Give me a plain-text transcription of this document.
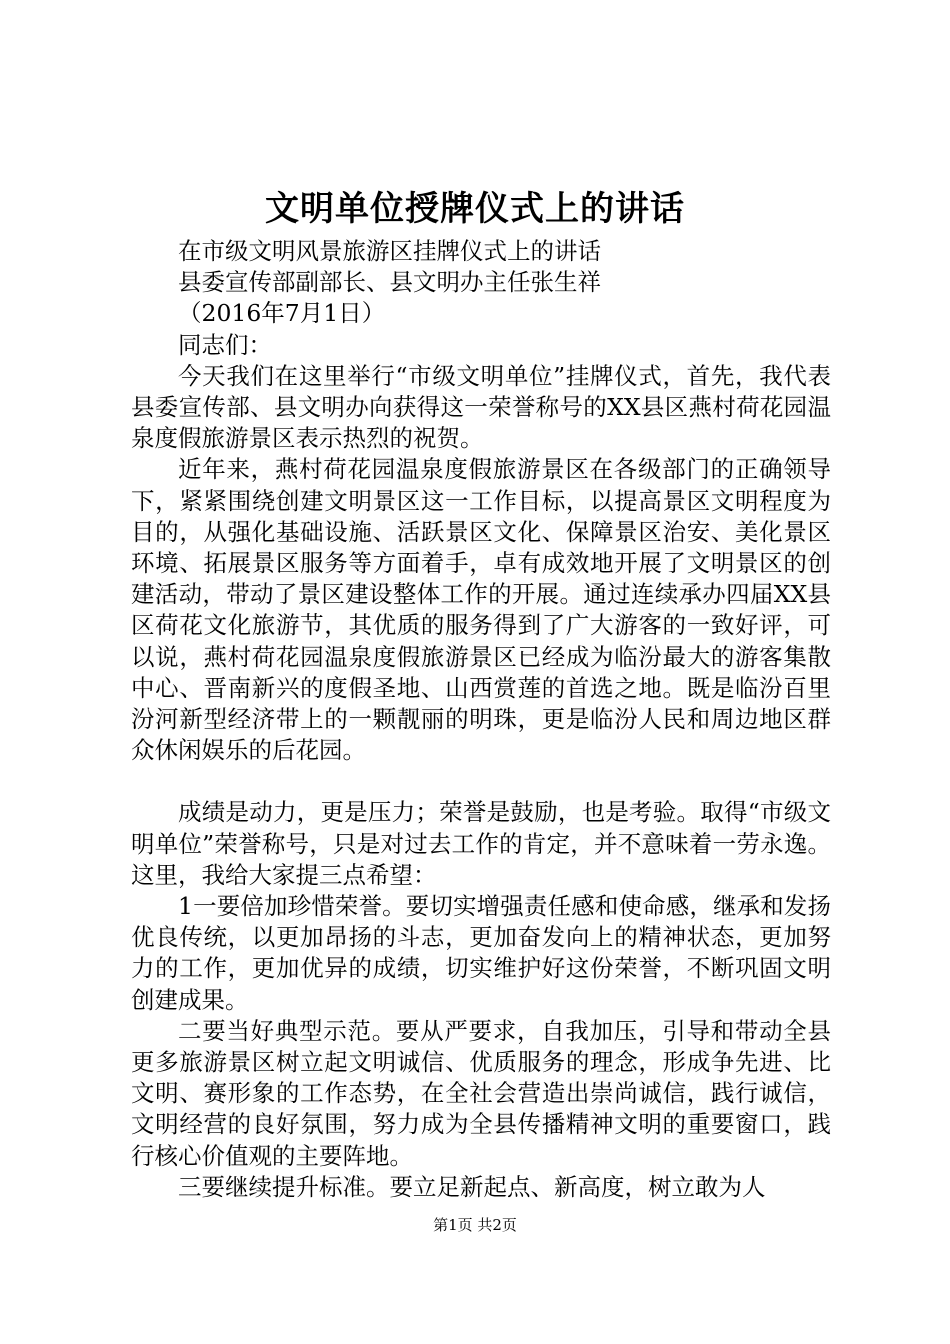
文明单位授牌仪式上的讲话

在市级文明风景旅游区挂牌仪式上的讲话

县委宣传部副部长、县文明办主任张生祥

（2016年7月1日）

同志们：

今天我们在这里举行“市级文明单位”挂牌仪式，首先，我代表县委宣传部、县文明办向获得这一荣誉称号的XX县区燕村荷花园温泉度假旅游景区表示热烈的祝贺。

近年来，燕村荷花园温泉度假旅游景区在各级部门的正确领导下，紧紧围绕创建文明景区这一工作目标，以提高景区文明程度为目的，从强化基础设施、活跃景区文化、保障景区治安、美化景区环境、拓展景区服务等方面着手，卓有成效地开展了文明景区的创建活动，带动了景区建设整体工作的开展。通过连续承办四届XX县区荷花文化旅游节，其优质的服务得到了广大游客的一致好评，可以说，燕村荷花园温泉度假旅游景区已经成为临汾最大的游客集散中心、晋南新兴的度假圣地、山西赏莲的首选之地。既是临汾百里汾河新型经济带上的一颗靓丽的明珠，更是临汾人民和周边地区群众休闲娱乐的后花园。

成绩是动力，更是压力；荣誉是鼓励，也是考验。取得“市级文明单位”荣誉称号，只是对过去工作的肯定，并不意味着一劳永逸。这里，我给大家提三点希望：

1一要倍加珍惜荣誉。要切实增强责任感和使命感，继承和发扬优良传统，以更加昂扬的斗志，更加奋发向上的精神状态，更加努力的工作，更加优异的成绩，切实维护好这份荣誉，不断巩固文明创建成果。

二要当好典型示范。要从严要求，自我加压，引导和带动全县更多旅游景区树立起文明诚信、优质服务的理念，形成争先进、比文明、赛形象的工作态势，在全社会营造出崇尚诚信，践行诚信，文明经营的良好氛围，努力成为全县传播精神文明的重要窗口，践行核心价值观的主要阵地。

三要继续提升标准。要立足新起点、新高度，树立敢为人

第1页 共2页
